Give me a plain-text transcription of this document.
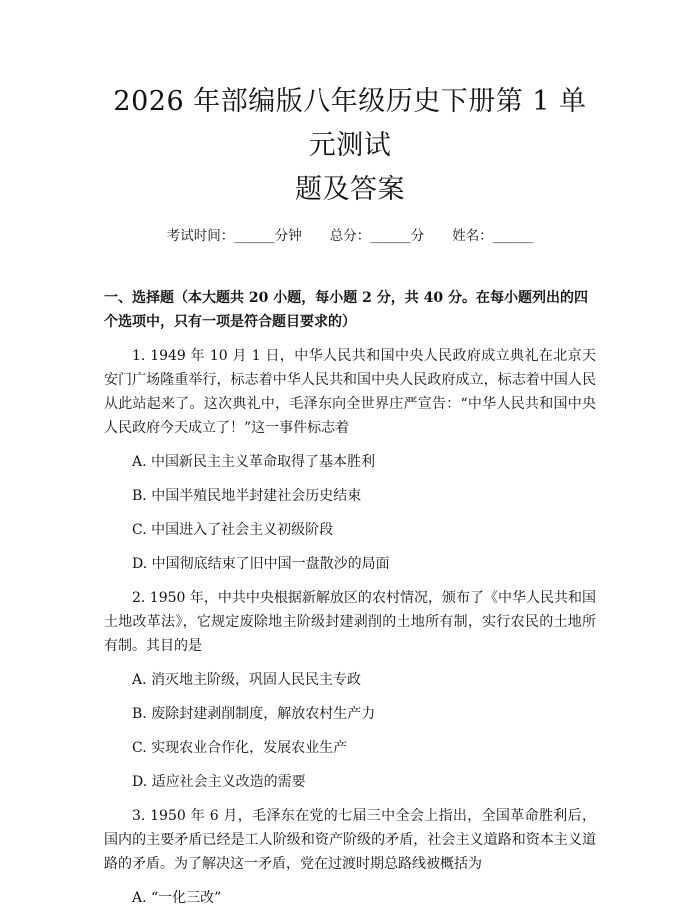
2026 年部编版八年级历史下册第 1 单元测试
题及答案
考试时间：______分钟 总分：______分 姓名：______
一、选择题（本大题共 20 小题，每小题 2 分，共 40 分。在每小题列出的四个选项中，只有一项是符合题目要求的）

1. 1949 年 10 月 1 日，中华人民共和国中央人民政府成立典礼在北京天安门广场隆重举行，标志着中华人民共和国中央人民政府成立，标志着中国人民从此站起来了。这次典礼中，毛泽东向全世界庄严宣告：“中华人民共和国中央人民政府今天成立了！”这一事件标志着

A. 中国新民主主义革命取得了基本胜利

B. 中国半殖民地半封建社会历史结束

C. 中国进入了社会主义初级阶段

D. 中国彻底结束了旧中国一盘散沙的局面

2. 1950 年，中共中央根据新解放区的农村情况，颁布了《中华人民共和国土地改革法》，它规定废除地主阶级封建剥削的土地所有制，实行农民的土地所有制。其目的是

A. 消灭地主阶级，巩固人民民主专政

B. 废除封建剥削制度，解放农村生产力

C. 实现农业合作化，发展农业生产

D. 适应社会主义改造的需要

3. 1950 年 6 月，毛泽东在党的七届三中全会上指出，全国革命胜利后，国内的主要矛盾已经是工人阶级和资产阶级的矛盾，社会主义道路和资本主义道路的矛盾。为了解决这一矛盾，党在过渡时期总路线被概括为

A. “一化三改”
